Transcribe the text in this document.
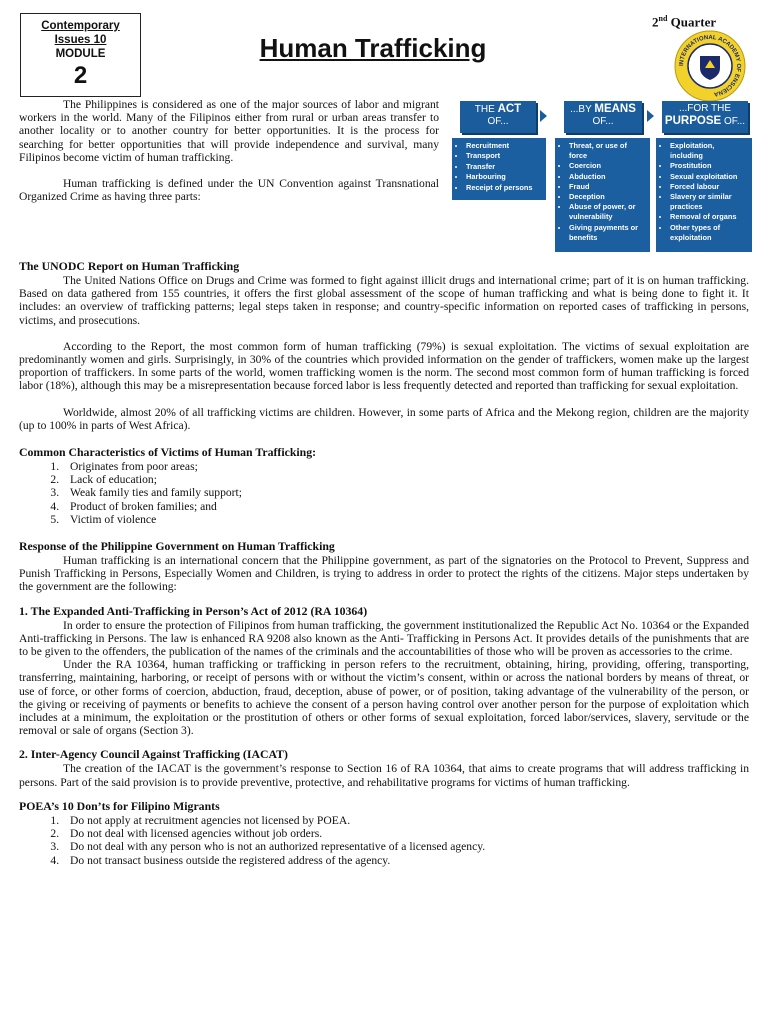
Contemporary
Issues 10
MODULE
2
Human Trafficking
2nd Quarter
INTERNATIONAL ACADEMY OF ENSCIENA

The Philippines is considered as one of the major sources of labor and migrant workers in the world. Many of the Filipinos either from rural or urban areas transfer to another locality or to another country for better opportunities. It is the process for searching for better opportunities that will provide independence and survival, many Filipinos become victim of human trafficking.

Human trafficking is defined under the UN Convention against Transnational Organized Crime as having three parts:

• Recruitment
• Transport
• Transfer
• Harbouring
• Receipt of persons
• Threat, or use of force
• Coercion
• Abduction
• Fraud
• Deception
• Abuse of power, or vulnerability
• Giving payments or benefits
• Exploitation, including
• Prostitution
• Sexual exploitation
• Forced labour
• Slavery or similar practices
• Removal of organs
• Other types of exploitation
THE ACT
OF...
...BY MEANS
OF...
...FOR THE
PURPOSE OF...

The UNODC Report on Human Trafficking

The United Nations Office on Drugs and Crime was formed to fight against illicit drugs and international crime; part of it is on human trafficking. Based on data gathered from 155 countries, it offers the first global assessment of the scope of human trafficking and what is being done to fight it. It includes: an overview of trafficking patterns; legal steps taken in response; and country-specific information on reported cases of trafficking in persons, victims, and prosecutions.

According to the Report, the most common form of human trafficking (79%) is sexual exploitation. The victims of sexual exploitation are predominantly women and girls. Surprisingly, in 30% of the countries which provided information on the gender of traffickers, women make up the largest proportion of traffickers. In some parts of the world, women trafficking women is the norm. The second most common form of human trafficking is forced labor (18%), although this may be a misrepresentation because forced labor is less frequently detected and reported than trafficking for sexual exploitation.

Worldwide, almost 20% of all trafficking victims are children. However, in some parts of Africa and the Mekong region, children are the majority (up to 100% in parts of West Africa).

Common Characteristics of Victims of Human Trafficking:

1. Originates from poor areas;
2. Lack of education;
3. Weak family ties and family support;
4. Product of broken families; and
5. Victim of violence

Response of the Philippine Government on Human Trafficking

Human trafficking is an international concern that the Philippine government, as part of the signatories on the Protocol to Prevent, Suppress and Punish Trafficking in Persons, Especially Women and Children, is trying to address in order to protect the rights of the citizens. Major steps undertaken by the government are the following:

1. The Expanded Anti-Trafficking in Person’s Act of 2012 (RA 10364)

In order to ensure the protection of Filipinos from human trafficking, the government institutionalized the Republic Act No. 10364 or the Expanded Anti-trafficking in Persons. The law is enhanced RA 9208 also known as the Anti- Trafficking in Persons Act. It provides details of the punishments that are to be given to the offenders, the publication of the names of the criminals and the accountabilities of those who will be proven as accessories to the crime.

Under the RA 10364, human trafficking or trafficking in person refers to the recruitment, obtaining, hiring, providing, offering, transporting, transferring, maintaining, harboring, or receipt of persons with or without the victim’s consent, within or across the national borders by means of threat, or use of force, or other forms of coercion, abduction, fraud, deception, abuse of power, or of position, taking advantage of the vulnerability of the person, or the giving or receiving of payments or benefits to achieve the consent of a person having control over another person for the purpose of exploitation which includes at a minimum, the exploitation or the prostitution of others or other forms of sexual exploitation, forced labor/services, slavery, servitude or the removal or sale of organs (Section 3).

2. Inter-Agency Council Against Trafficking (IACAT)

The creation of the IACAT is the government’s response to Section 16 of RA 10364, that aims to create programs that will address trafficking in persons. Part of the said provision is to provide preventive, protective, and rehabilitative programs for victims of human trafficking.

POEA’s 10 Don’ts for Filipino Migrants

1. Do not apply at recruitment agencies not licensed by POEA.
2. Do not deal with licensed agencies without job orders.
3. Do not deal with any person who is not an authorized representative of a licensed agency.
4. Do not transact business outside the registered address of the agency.
